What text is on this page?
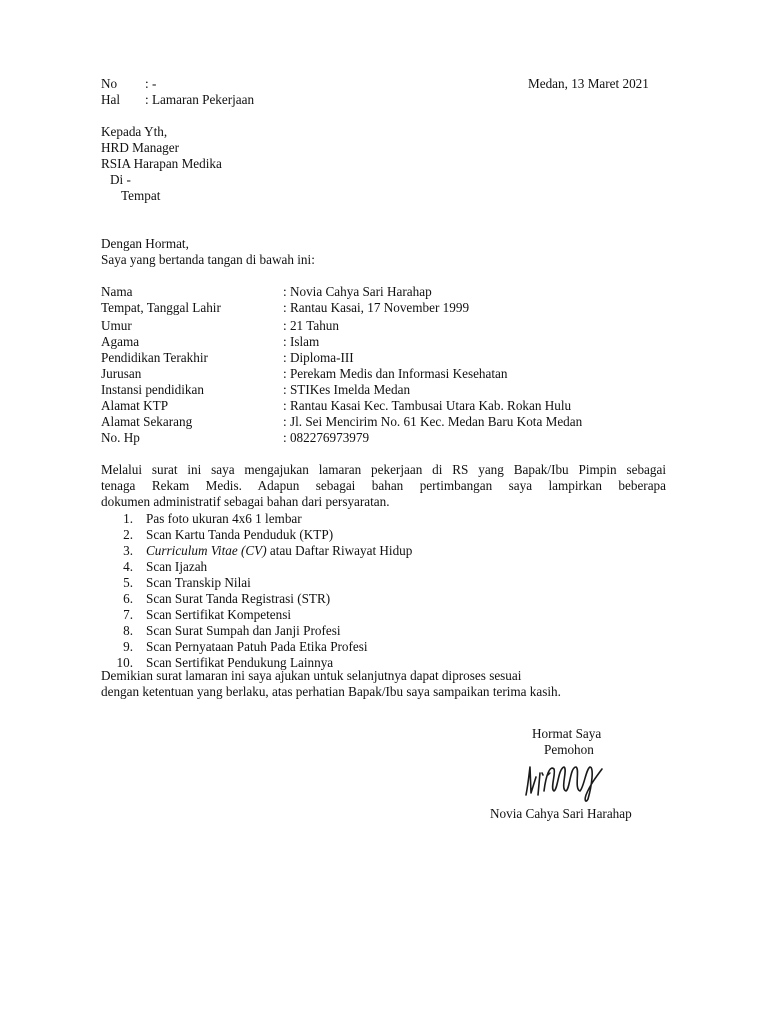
No : -
Hal : Lamaran Pekerjaan
Medan, 13 Maret 2021
Kepada Yth,
HRD Manager
RSIA Harapan Medika
Di -
Tempat
Dengan Hormat,
Saya yang bertanda tangan di bawah ini:
Nama	: Novia Cahya Sari Harahap
Tempat, Tanggal Lahir	: Rantau Kasai, 17 November 1999
Umur	: 21 Tahun
Agama	: Islam
Pendidikan Terakhir	: Diploma-III
Jurusan	: Perekam Medis dan Informasi Kesehatan
Instansi pendidikan	: STIKes Imelda Medan
Alamat KTP	: Rantau Kasai Kec. Tambusai Utara Kab. Rokan Hulu
Alamat Sekarang	: Jl. Sei Mencirim No. 61 Kec. Medan Baru Kota Medan
No. Hp	: 082276973979
Melalui surat ini saya mengajukan lamaran pekerjaan di RS yang Bapak/Ibu Pimpin sebagai
tenaga Rekam Medis. Adapun sebagai bahan pertimbangan saya lampirkan beberapa
dokumen administratif sebagai bahan dari persyaratan.
1. Pas foto ukuran 4x6 1 lembar
2. Scan Kartu Tanda Penduduk (KTP)
3. Curriculum Vitae (CV) atau Daftar Riwayat Hidup
4. Scan Ijazah
5. Scan Transkip Nilai
6. Scan Surat Tanda Registrasi (STR)
7. Scan Sertifikat Kompetensi
8. Scan Surat Sumpah dan Janji Profesi
9. Scan Pernyataan Patuh Pada Etika Profesi
10. Scan Sertifikat Pendukung Lainnya
Demikian surat lamaran ini saya ajukan untuk selanjutnya dapat diproses sesuai
dengan ketentuan yang berlaku, atas perhatian Bapak/Ibu saya sampaikan terima kasih.
Hormat Saya
Pemohon
Novia Cahya Sari Harahap
